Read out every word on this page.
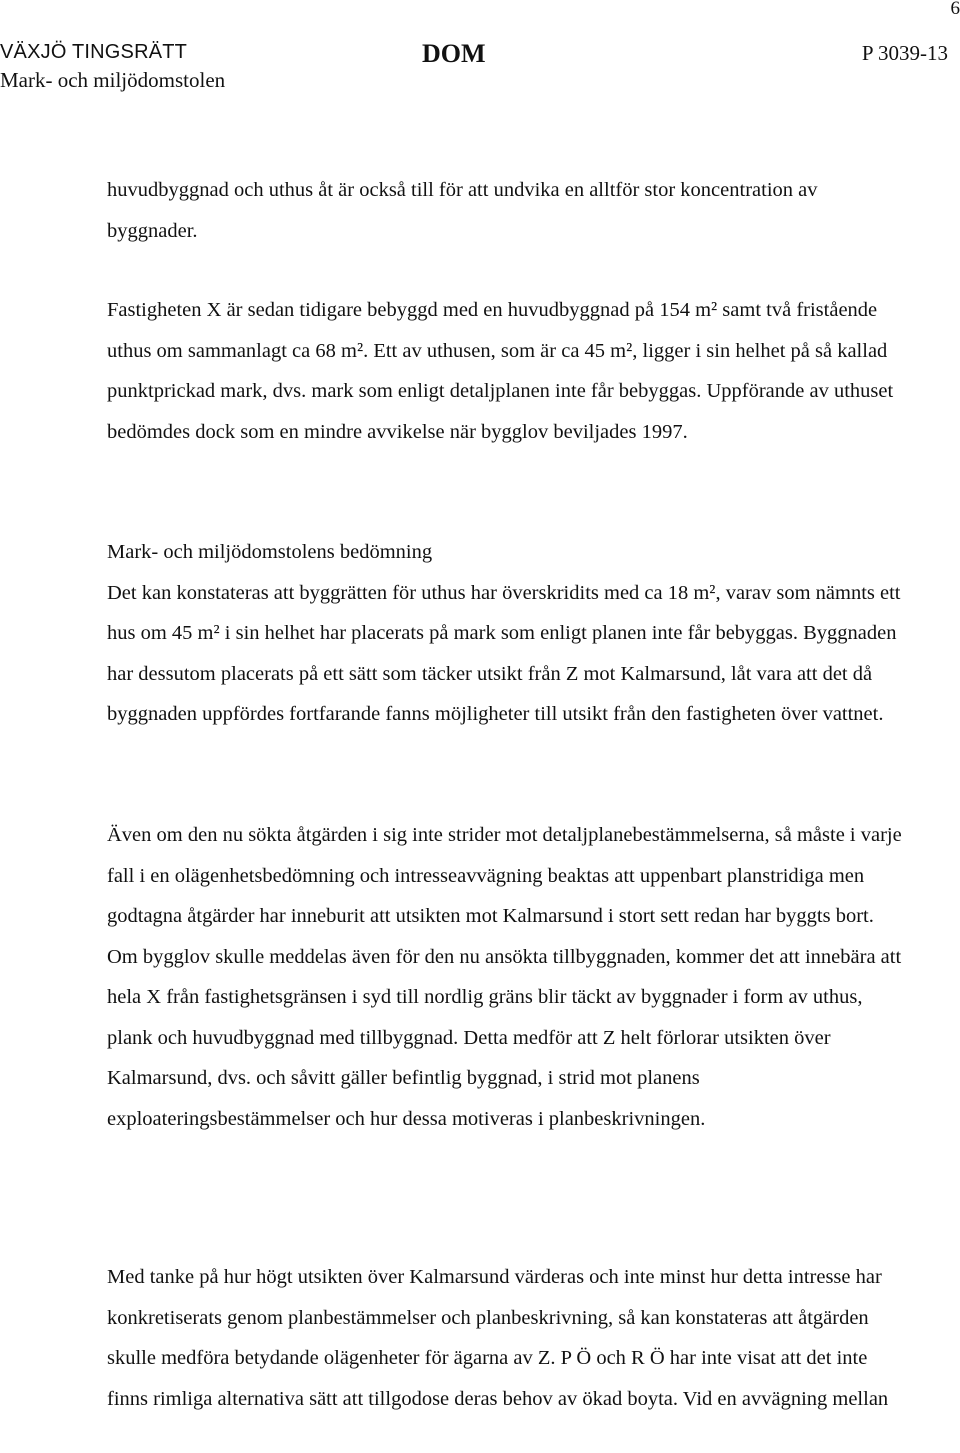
6
VÄXJÖ TINGSRÄTT
Mark- och miljödomstolen
DOM	P 3039-13

huvudbyggnad och uthus åt är också till för att undvika en alltför stor koncentration av byggnader.

Fastigheten X är sedan tidigare bebyggd med en huvudbyggnad på 154 m² samt två fristående uthus om sammanlagt ca 68 m². Ett av uthusen, som är ca 45 m², ligger i sin helhet på så kallad punktprickad mark, dvs. mark som enligt detaljplanen inte får bebyggas. Uppförande av uthuset bedömdes dock som en mindre avvikelse när bygglov beviljades 1997.

Mark- och miljödomstolens bedömning

Det kan konstateras att byggrätten för uthus har överskridits med ca 18 m², varav som nämnts ett hus om 45 m² i sin helhet har placerats på mark som enligt planen inte får bebyggas. Byggnaden har dessutom placerats på ett sätt som täcker utsikt från Z mot Kalmarsund, låt vara att det då byggnaden uppfördes fortfarande fanns möjligheter till utsikt från den fastigheten över vattnet.

Även om den nu sökta åtgärden i sig inte strider mot detaljplanebestämmelserna, så måste i varje fall i en olägenhetsbedömning och intresseavvägning beaktas att uppenbart planstridiga men godtagna åtgärder har inneburit att utsikten mot Kalmarsund i stort sett redan har byggts bort. Om bygglov skulle meddelas även för den nu ansökta tillbyggnaden, kommer det att innebära att hela X från fastighetsgränsen i syd till nordlig gräns blir täckt av byggnader i form av uthus, plank och huvudbyggnad med tillbyggnad. Detta medför att Z helt förlorar utsikten över Kalmarsund, dvs. och såvitt gäller befintlig byggnad, i strid mot planens exploateringsbestämmelser och hur dessa motiveras i planbeskrivningen.

Med tanke på hur högt utsikten över Kalmarsund värderas och inte minst hur detta intresse har konkretiserats genom planbestämmelser och planbeskrivning, så kan konstateras att åtgärden skulle medföra betydande olägenheter för ägarna av Z. P Ö och R Ö har inte visat att det inte finns rimliga alternativa sätt att tillgodose deras behov av ökad boyta. Vid en avvägning mellan
